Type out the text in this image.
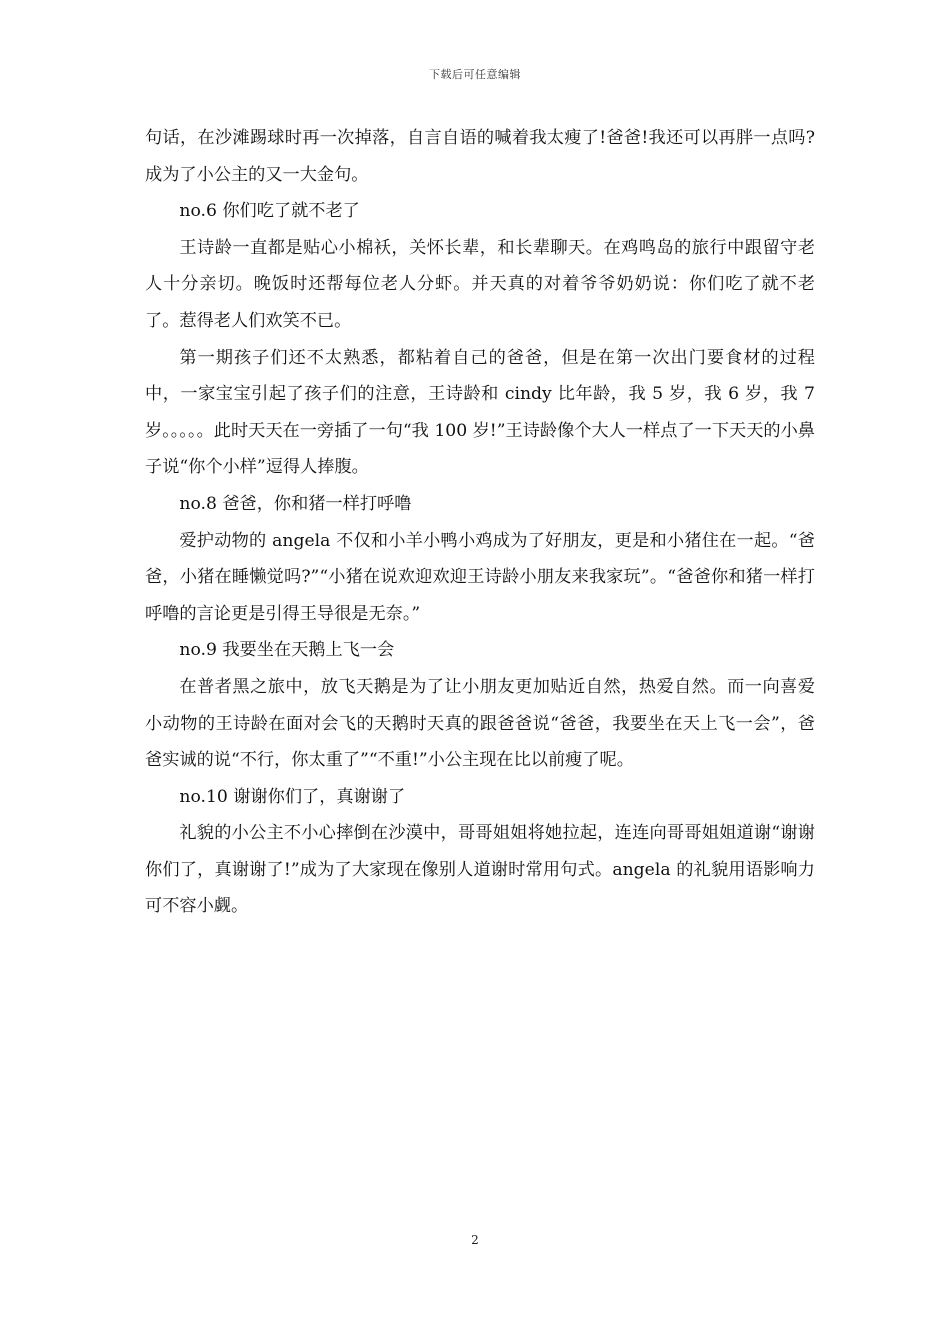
下载后可任意编辑

句话，在沙滩踢球时再一次掉落，自言自语的喊着我太瘦了!爸爸!我还可以再胖一点吗?成为了小公主的又一大金句。

no.6 你们吃了就不老了

王诗龄一直都是贴心小棉袄，关怀长辈，和长辈聊天。在鸡鸣岛的旅行中跟留守老人十分亲切。晚饭时还帮每位老人分虾。并天真的对着爷爷奶奶说：你们吃了就不老了。惹得老人们欢笑不已。

第一期孩子们还不太熟悉，都粘着自己的爸爸，但是在第一次出门要食材的过程中，一家宝宝引起了孩子们的注意，王诗龄和 cindy 比年龄，我 5 岁，我 6 岁，我 7 岁。。。。。此时天天在一旁插了一句“我 100 岁!”王诗龄像个大人一样点了一下天天的小鼻子说“你个小样”逗得人捧腹。

no.8 爸爸，你和猪一样打呼噜

爱护动物的 angela 不仅和小羊小鸭小鸡成为了好朋友，更是和小猪住在一起。“爸爸，小猪在睡懒觉吗?”“小猪在说欢迎欢迎王诗龄小朋友来我家玩”。“爸爸你和猪一样打呼噜的言论更是引得王导很是无奈。”

no.9 我要坐在天鹅上飞一会

在普者黑之旅中，放飞天鹅是为了让小朋友更加贴近自然，热爱自然。而一向喜爱小动物的王诗龄在面对会飞的天鹅时天真的跟爸爸说“爸爸，我要坐在天上飞一会”，爸爸实诚的说“不行，你太重了”“不重!”小公主现在比以前瘦了呢。

no.10 谢谢你们了，真谢谢了

礼貌的小公主不小心摔倒在沙漠中，哥哥姐姐将她拉起，连连向哥哥姐姐道谢“谢谢你们了，真谢谢了!”成为了大家现在像别人道谢时常用句式。angela 的礼貌用语影响力可不容小觑。

2
